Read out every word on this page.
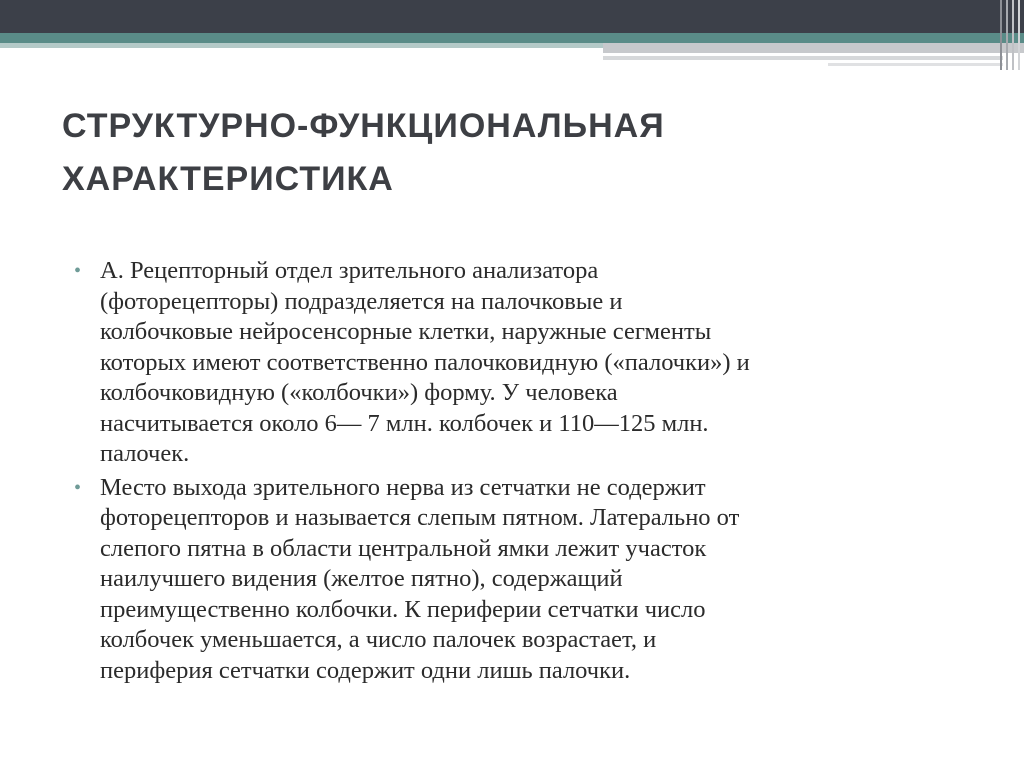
СТРУКТУРНО-ФУНКЦИОНАЛЬНАЯ
ХАРАКТЕРИСТИКА
• А. Рецепторный отдел зрительного анализатора
(фоторецепторы) подразделяется на палочковые и
колбочковые нейросенсорные клетки, наружные сегменты
которых имеют соответственно палочковидную («палочки») и
колбочковидную («колбочки») форму. У человека
насчитывается около 6— 7 млн. колбочек и 110—125 млн.
палочек.
• Место выхода зрительного нерва из сетчатки не содержит
фоторецепторов и называется слепым пятном. Латерально от
слепого пятна в области центральной ямки лежит участок
наилучшего видения (желтое пятно), содержащий
преимущественно колбочки. К периферии сетчатки число
колбочек уменьшается, а число палочек возрастает, и
периферия сетчатки содержит одни лишь палочки.
